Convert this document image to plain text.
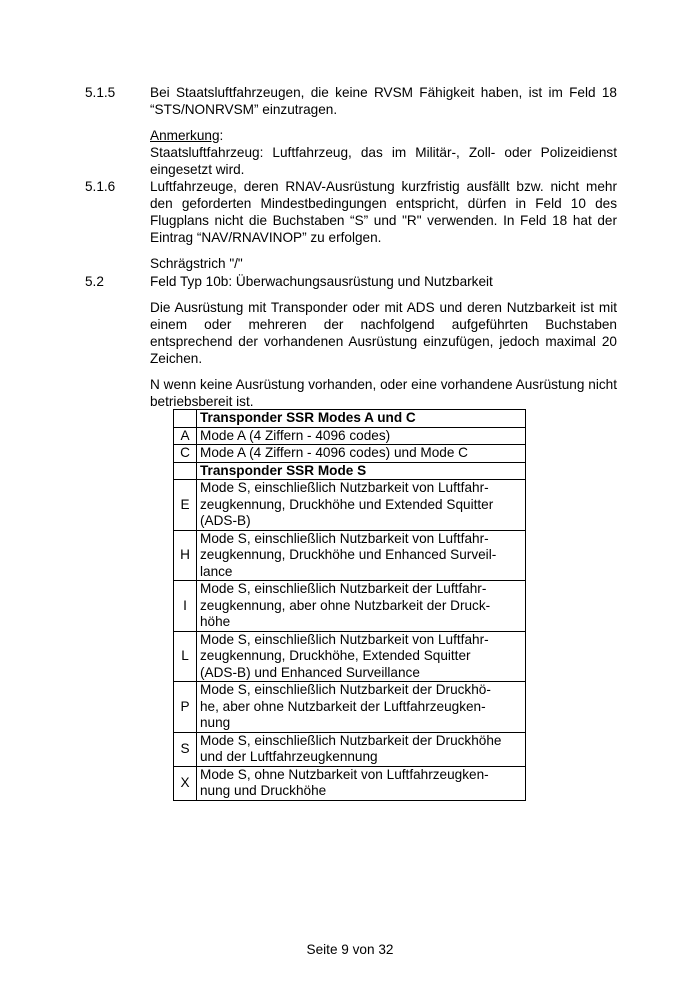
5.1.5	Bei Staatsluftfahrzeugen, die keine RVSM Fähigkeit haben, ist im Feld 18 “STS/NONRVSM” einzutragen.

Anmerkung:

Staatsluftfahrzeug: Luftfahrzeug, das im Militär-, Zoll- oder Polizeidienst eingesetzt wird.

5.1.6	Luftfahrzeuge, deren RNAV-Ausrüstung kurzfristig ausfällt bzw. nicht mehr den geforderten Mindestbedingungen entspricht, dürfen in Feld 10 des Flugplans nicht die Buchstaben “S” und "R" verwenden. In Feld 18 hat der Eintrag “NAV/RNAVINOP” zu erfolgen.

Schrägstrich "/"

5.2	Feld Typ 10b: Überwachungsausrüstung und Nutzbarkeit

Die Ausrüstung mit Transponder oder mit ADS und deren Nutzbarkeit ist mit einem oder mehreren der nachfolgend aufgeführten Buchstaben entsprechend der vorhandenen Ausrüstung einzufügen, jedoch maximal 20 Zeichen.

N wenn keine Ausrüstung vorhanden, oder eine vorhandene Ausrüstung nicht betriebsbereit ist.

	Transponder SSR Modes A und C
A	Mode A (4 Ziffern - 4096 codes)
C	Mode A (4 Ziffern - 4096 codes) und Mode C
	Transponder SSR Mode S
E	Mode S, einschließlich Nutzbarkeit von Luftfahr-
zeugkennung, Druckhöhe und Extended Squitter
(ADS-B)
H	Mode S, einschließlich Nutzbarkeit von Luftfahr-
zeugkennung, Druckhöhe und Enhanced Surveil-
lance
I	Mode S, einschließlich Nutzbarkeit der Luftfahr-
zeugkennung, aber ohne Nutzbarkeit der Druck-
höhe
L	Mode S, einschließlich Nutzbarkeit von Luftfahr-
zeugkennung, Druckhöhe, Extended Squitter
(ADS-B) und Enhanced Surveillance
P	Mode S, einschließlich Nutzbarkeit der Druckhö-
he, aber ohne Nutzbarkeit der Luftfahrzeugken-
nung
S	Mode S, einschließlich Nutzbarkeit der Druckhöhe
und der Luftfahrzeugkennung
X	Mode S, ohne Nutzbarkeit von Luftfahrzeugken-
nung und Druckhöhe
Seite 9 von 32
